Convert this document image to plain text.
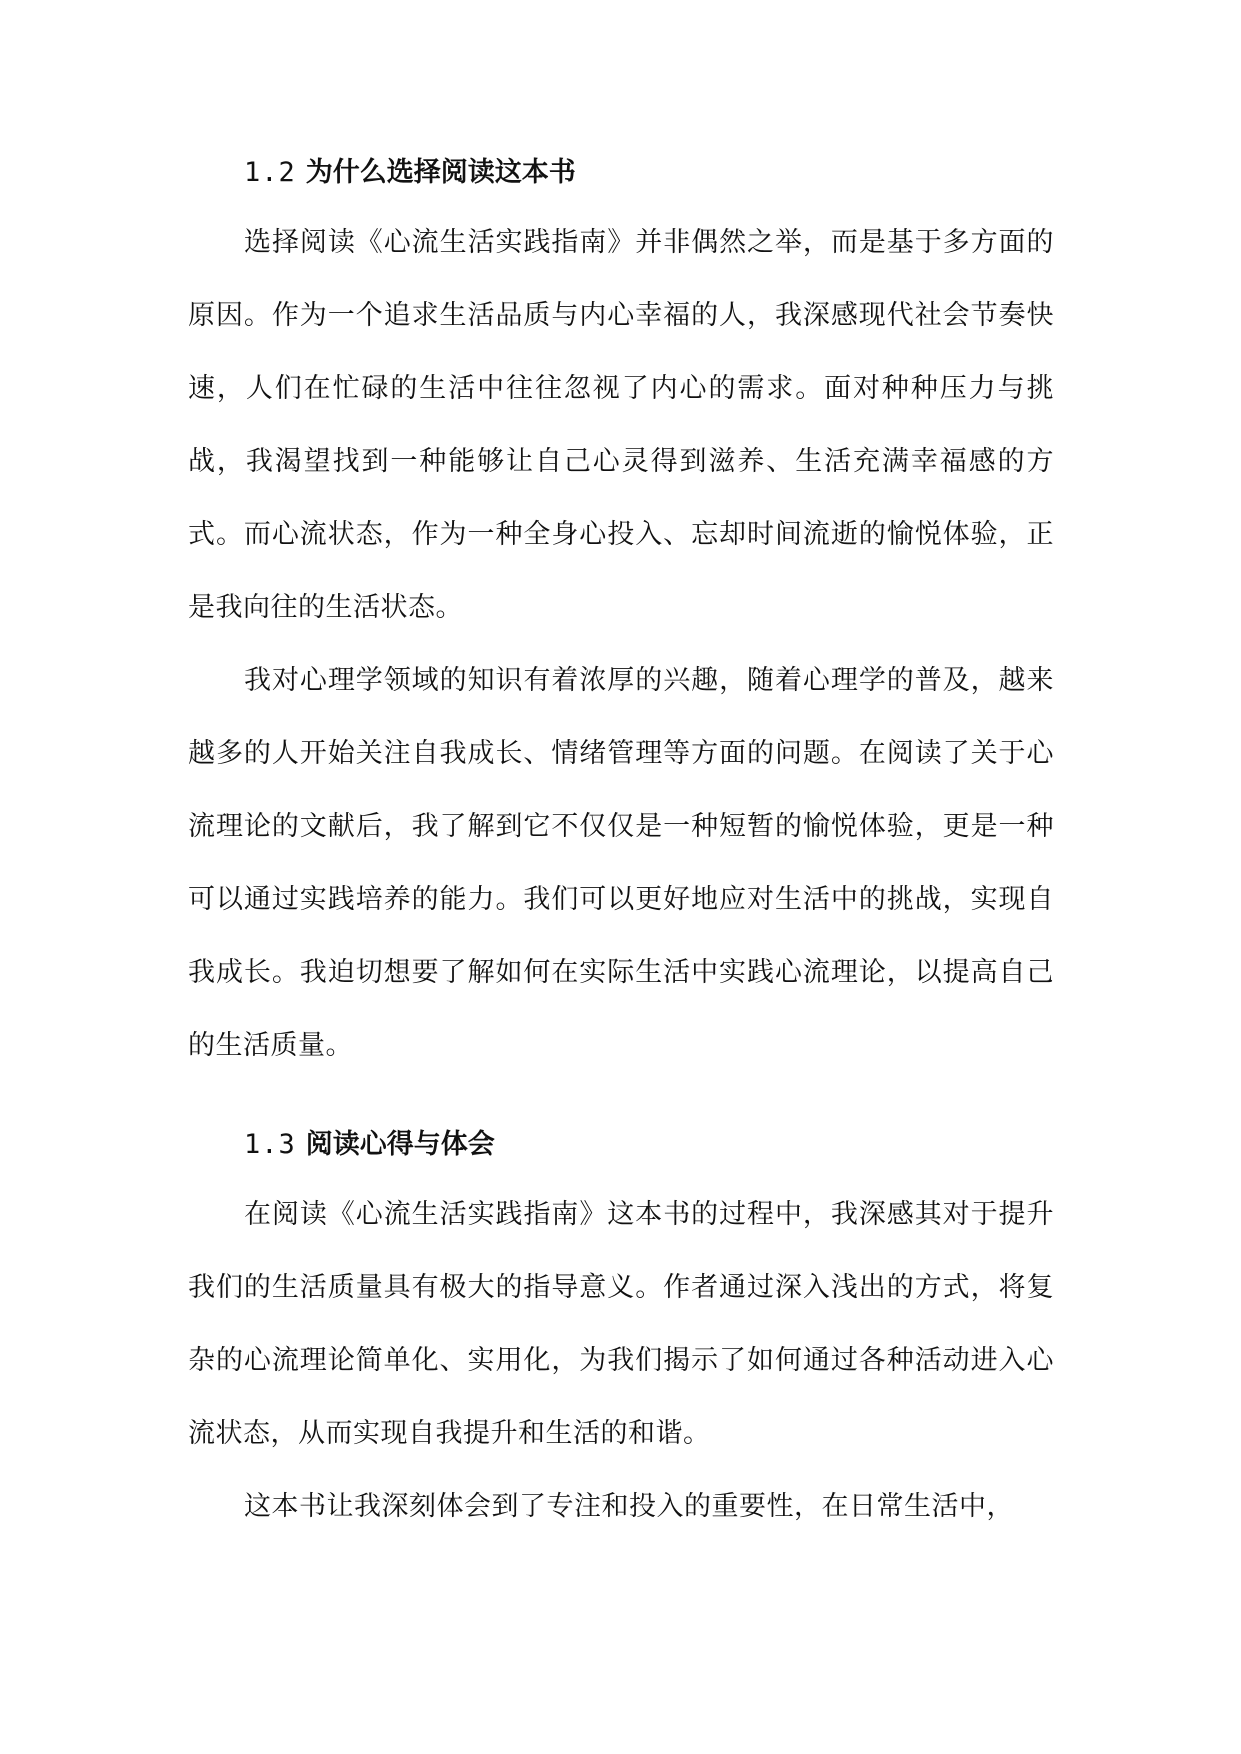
1.2 为什么选择阅读这本书

选择阅读《心流生活实践指南》并非偶然之举，而是基于多方面的原因。作为一个追求生活品质与内心幸福的人，我深感现代社会节奏快速，人们在忙碌的生活中往往忽视了内心的需求。面对种种压力与挑战，我渴望找到一种能够让自己心灵得到滋养、生活充满幸福感的方式。而心流状态，作为一种全身心投入、忘却时间流逝的愉悦体验，正是我向往的生活状态。

我对心理学领域的知识有着浓厚的兴趣，随着心理学的普及，越来越多的人开始关注自我成长、情绪管理等方面的问题。在阅读了关于心流理论的文献后，我了解到它不仅仅是一种短暂的愉悦体验，更是一种可以通过实践培养的能力。我们可以更好地应对生活中的挑战，实现自我成长。我迫切想要了解如何在实际生活中实践心流理论，以提高自己的生活质量。

1.3 阅读心得与体会

在阅读《心流生活实践指南》这本书的过程中，我深感其对于提升我们的生活质量具有极大的指导意义。作者通过深入浅出的方式，将复杂的心流理论简单化、实用化，为我们揭示了如何通过各种活动进入心流状态，从而实现自我提升和生活的和谐。

这本书让我深刻体会到了专注和投入的重要性，在日常生活中，
